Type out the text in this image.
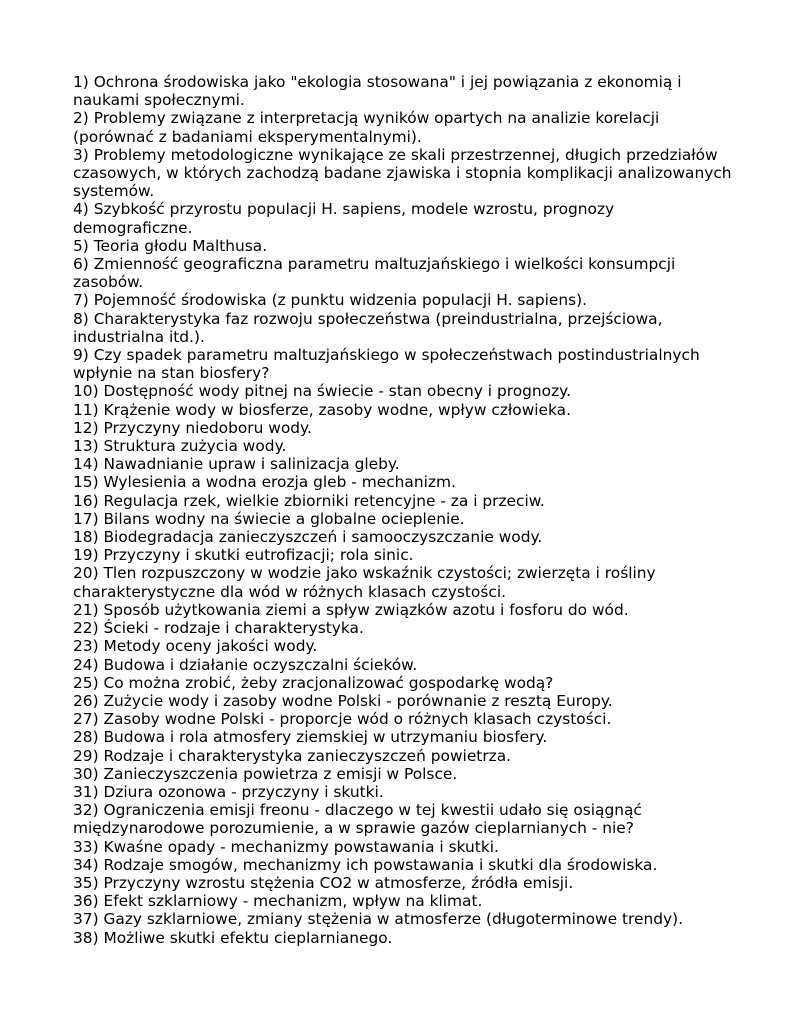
1) Ochrona środowiska jako "ekologia stosowana" i jej powiązania z ekonomią i naukami społecznymi.
2) Problemy związane z interpretacją wyników opartych na analizie korelacji (porównać z badaniami eksperymentalnymi).
3) Problemy metodologiczne wynikające ze skali przestrzennej, długich przedziałów czasowych, w których zachodzą badane zjawiska i stopnia komplikacji analizowanych systemów.
4) Szybkość przyrostu populacji H. sapiens, modele wzrostu, prognozy demograficzne.
5) Teoria głodu Malthusa.
6) Zmienność geograficzna parametru maltuzjańskiego i wielkości konsumpcji zasobów.
7) Pojemność środowiska (z punktu widzenia populacji H. sapiens).
8) Charakterystyka faz rozwoju społeczeństwa (preindustrialna, przejściowa, industrialna itd.).
9) Czy spadek parametru maltuzjańskiego w społeczeństwach postindustrialnych wpłynie na stan biosfery?
10) Dostępność wody pitnej na świecie - stan obecny i prognozy.
11) Krążenie wody w biosferze, zasoby wodne, wpływ człowieka.
12) Przyczyny niedoboru wody.
13) Struktura zużycia wody.
14) Nawadnianie upraw i salinizacja gleby.
15) Wylesienia a wodna erozja gleb - mechanizm.
16) Regulacja rzek, wielkie zbiorniki retencyjne - za i przeciw.
17) Bilans wodny na świecie a globalne ocieplenie.
18) Biodegradacja zanieczyszczeń i samooczyszczanie wody.
19) Przyczyny i skutki eutrofizacji; rola sinic.
20) Tlen rozpuszczony w wodzie jako wskaźnik czystości; zwierzęta i rośliny charakterystyczne dla wód w różnych klasach czystości.
21) Sposób użytkowania ziemi a spływ związków azotu i fosforu do wód.
22) Ścieki - rodzaje i charakterystyka.
23) Metody oceny jakości wody.
24) Budowa i działanie oczyszczalni ścieków.
25) Co można zrobić, żeby zracjonalizować gospodarkę wodą?
26) Zużycie wody i zasoby wodne Polski - porównanie z resztą Europy.
27) Zasoby wodne Polski - proporcje wód o różnych klasach czystości.
28) Budowa i rola atmosfery ziemskiej w utrzymaniu biosfery.
29) Rodzaje i charakterystyka zanieczyszczeń powietrza.
30) Zanieczyszczenia powietrza z emisji w Polsce.
31) Dziura ozonowa - przyczyny i skutki.
32) Ograniczenia emisji freonu - dlaczego w tej kwestii udało się osiągnąć międzynarodowe porozumienie, a w sprawie gazów cieplarnianych - nie?
33) Kwaśne opady - mechanizmy powstawania i skutki.
34) Rodzaje smogów, mechanizmy ich powstawania i skutki dla środowiska.
35) Przyczyny wzrostu stężenia CO2 w atmosferze, źródła emisji.
36) Efekt szklarniowy - mechanizm, wpływ na klimat.
37) Gazy szklarniowe, zmiany stężenia w atmosferze (długoterminowe trendy).
38) Możliwe skutki efektu cieplarnianego.
